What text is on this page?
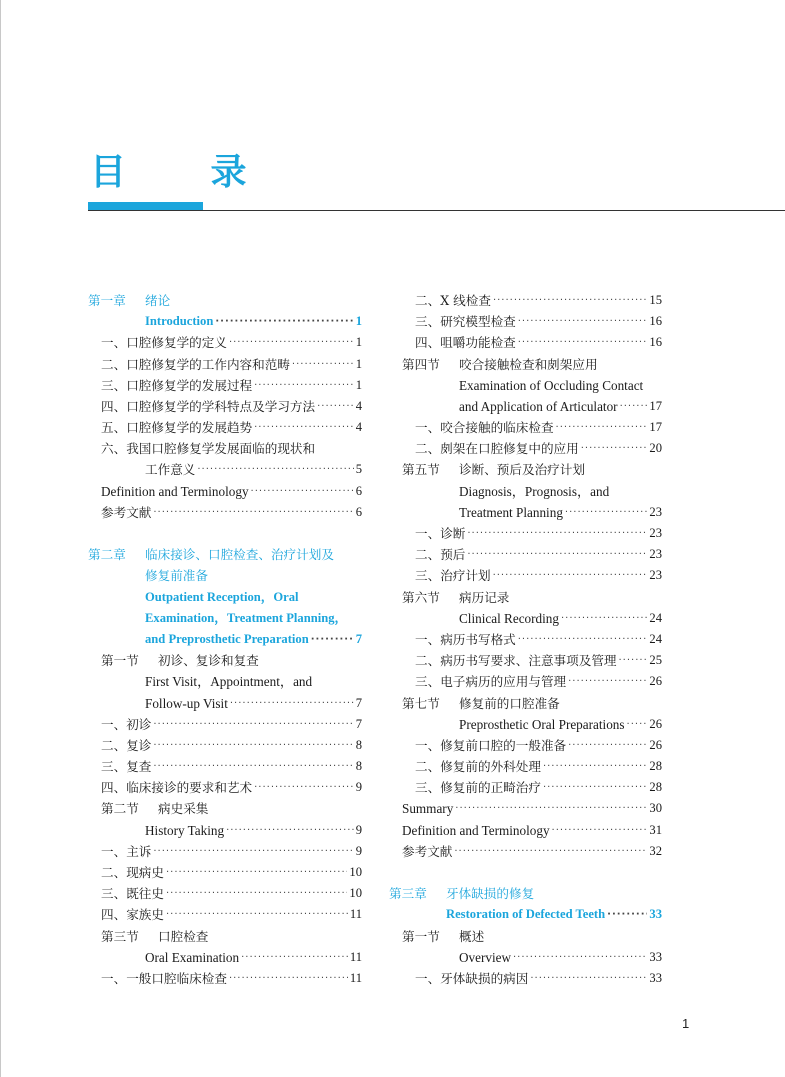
目 录
第一章 绪论
Introduction ·····	1
一、口腔修复学的定义 ·····	1
二、口腔修复学的工作内容和范畴 ·····	1
三、口腔修复学的发展过程 ·····	1
四、口腔修复学的学科特点及学习方法 ·····	4
五、口腔修复学的发展趋势 ·····	4
六、我国口腔修复学发展面临的现状和
工作意义 ·····	5
Definition and Terminology ·····	6
参考文献 ·····	6
第二章 临床接诊、口腔检查、治疗计划及
修复前准备
Outpatient Reception，Oral
Examination，Treatment Planning，
and Preprosthetic Preparation ·····	7
第一节 初诊、复诊和复查
First Visit，Appointment，and
Follow-up Visit ·····	7
一、初诊 ·····	7
二、复诊 ·····	8
三、复查 ·····	8
四、临床接诊的要求和艺术 ·····	9
第二节 病史采集
History Taking ·····	9
一、主诉 ·····	9
二、现病史 ·····	10
三、既往史 ·····	10
四、家族史 ·····	11
第三节 口腔检查
Oral Examination ·····	11
一、一般口腔临床检查 ·····	11
二、X 线检查 ·····	15
三、研究模型检查 ·····	16
四、咀嚼功能检查 ·····	16
第四节 咬合接触检查和㓟架应用
Examination of Occluding Contact
and Application of Articulator ·····	17
一、咬合接触的临床检查 ·····	17
二、㓟架在口腔修复中的应用 ·····	20
第五节 诊断、预后及治疗计划
Diagnosis，Prognosis，and
Treatment Planning ·····	23
一、诊断 ·····	23
二、预后 ·····	23
三、治疗计划 ·····	23
第六节 病历记录
Clinical Recording ·····	24
一、病历书写格式 ·····	24
二、病历书写要求、注意事项及管理 ·····	25
三、电子病历的应用与管理 ·····	26
第七节 修复前的口腔准备
Preprosthetic Oral Preparations ····· 26
一、修复前口腔的一般准备 ·····	26
二、修复前的外科处理 ·····	28
三、修复前的正畸治疗 ·····	28
Summary ·····	30
Definition and Terminology ·····	31
参考文献 ·····	32
第三章 牙体缺损的修复
Restoration of Defected Teeth ·····	33
第一节 概述
Overview ·····	33
一、牙体缺损的病因 ·····	33
1
